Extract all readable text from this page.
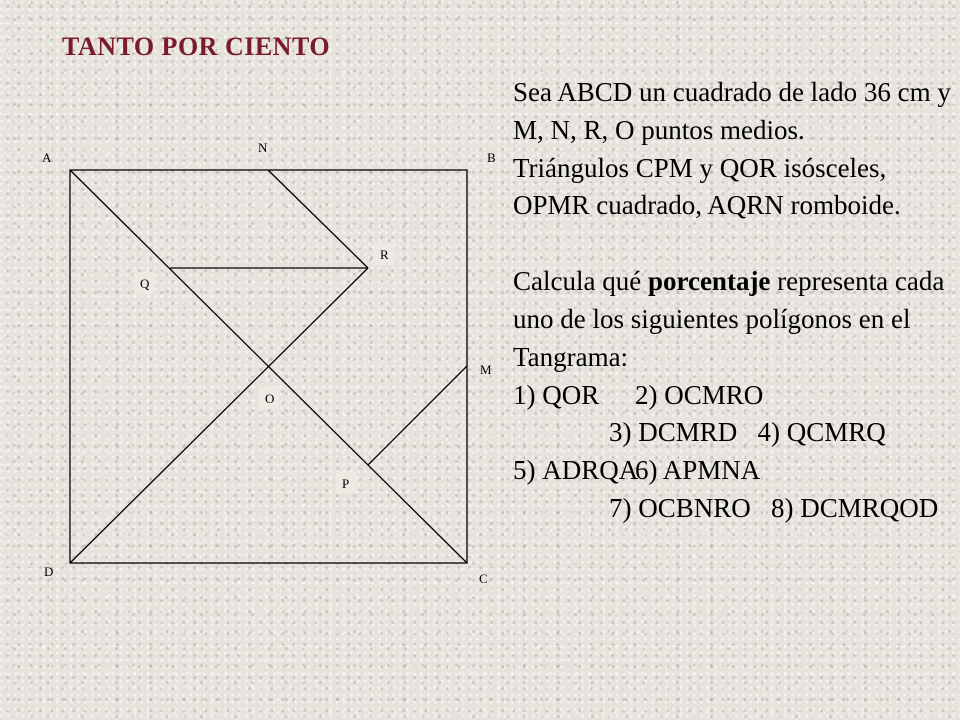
TANTO POR CIENTO
A
N
B
D	C
M
R
Q
O
P

Sea ABCD un cuadrado de lado 36 cm y M, N, R, O puntos medios.

Triángulos CPM y QOR isósceles, OPMR cuadrado, AQRN romboide.

Calcula qué porcentaje representa cada uno de los siguientes polígonos en el Tangrama:

1) QOR 2) OCMRO
3) DCMRD 4) QCMRQ

5) ADRQA 6) APMNA
7) OCBNRO 8) DCMRQOD
